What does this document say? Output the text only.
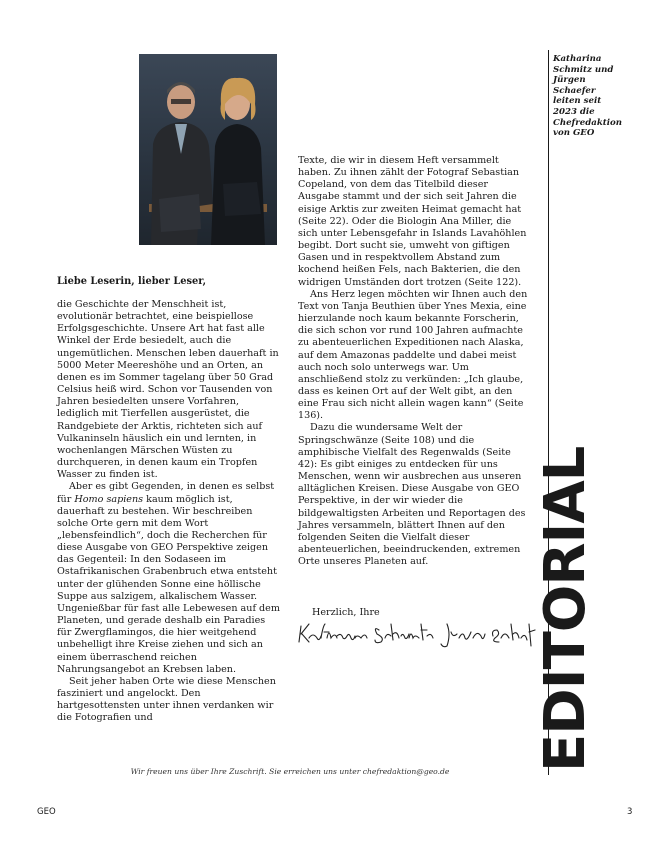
Liebe Leserin, lieber Leser,

die Geschichte der Menschheit ist, evolutionär betrachtet, eine beispiellose Erfolgsgeschichte. Unsere Art hat fast alle Winkel der Erde besiedelt, auch die ungemütlichen. Menschen leben dauerhaft in 5000 Meter Meereshöhe und an Orten, an denen es im Sommer tagelang über 50 Grad Celsius heiß wird. Schon vor Tausenden von Jahren besiedelten unsere Vorfahren, lediglich mit Tierfellen ausgerüstet, die Randgebiete der Arktis, richteten sich auf Vulkaninseln häuslich ein und lernten, in wochenlangen Märschen Wüsten zu durchqueren, in denen kaum ein Tropfen Wasser zu finden ist.

Aber es gibt Gegenden, in denen es selbst für Homo sapiens kaum möglich ist, dauerhaft zu bestehen. Wir beschreiben solche Orte gern mit dem Wort „lebensfeindlich“, doch die Recherchen für diese Ausgabe von GEO Perspektive zeigen das Gegenteil: In den Sodaseen im Ostafrikanischen Grabenbruch etwa entsteht unter der glühenden Sonne eine höllische Suppe aus salzigem, alkalischem Wasser. Ungenießbar für fast alle Lebewesen auf dem Planeten, und gerade deshalb ein Paradies für Zwergflamingos, die hier weitgehend unbehelligt ihre Kreise ziehen und sich an einem überraschend reichen Nahrungsangebot an Krebsen laben.

Seit jeher haben Orte wie diese Menschen fasziniert und angelockt. Den hartgesottensten unter ihnen verdanken wir die Fotografien und

Texte, die wir in diesem Heft versammelt haben. Zu ihnen zählt der Fotograf Sebastian Copeland, von dem das Titelbild dieser Ausgabe stammt und der sich seit Jahren die eisige Arktis zur zweiten Heimat gemacht hat (Seite 22). Oder die Biologin Ana Miller, die sich unter Lebensgefahr in Islands Lavahöhlen begibt. Dort sucht sie, umweht von giftigen Gasen und in respektvollem Abstand zum kochend heißen Fels, nach Bakterien, die den widrigen Umständen dort trotzen (Seite 122).

Ans Herz legen möchten wir Ihnen auch den Text von Tanja Beuthien über Ynes Mexia, eine hierzulande noch kaum bekannte Forscherin, die sich schon vor rund 100 Jahren aufmachte zu abenteuerlichen Expeditionen nach Alaska, auf dem Amazonas paddelte und dabei meist auch noch solo unterwegs war. Um anschließend stolz zu verkünden: „Ich glaube, dass es keinen Ort auf der Welt gibt, an den eine Frau sich nicht allein wagen kann“ (Seite 136).

Dazu die wundersame Welt der Springschwänze (Seite 108) und die amphibische Vielfalt des Regenwalds (Seite 42): Es gibt einiges zu entdecken für uns Menschen, wenn wir ausbrechen aus unseren alltäglichen Kreisen. Diese Ausgabe von GEO Perspektive, in der wir wieder die bildgewaltigsten Arbeiten und Reportagen des Jahres versammeln, blättert Ihnen auf den folgenden Seiten die Vielfalt dieser abenteuerlichen, beeindruckenden, extremen Orte unseres Planeten auf.

Herzlich, Ihre
Katharina Schmitz und Jürgen Schaefer leiten seit 2023 die Chefredaktion von GEO
EDITORIAL
Wir freuen uns über Ihre Zuschrift. Sie erreichen uns unter chefredaktion@geo.de
GEO	3
